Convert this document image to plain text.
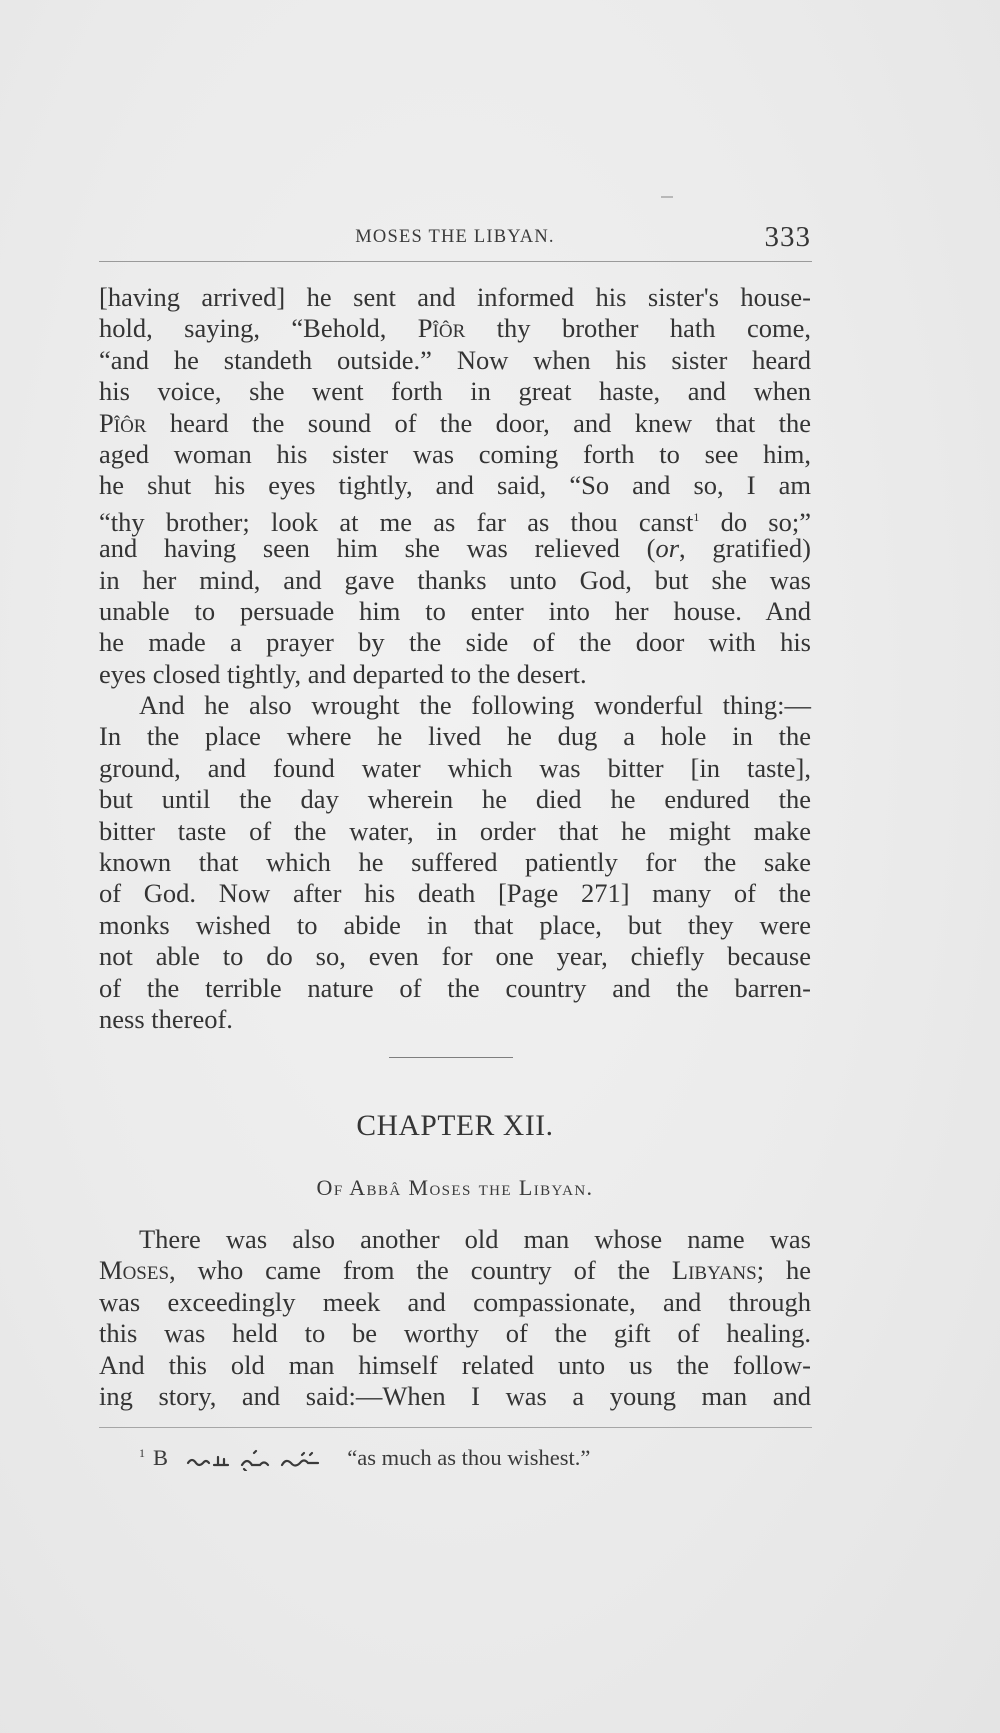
MOSES THE LIBYAN.	333
[having arrived] he sent and informed his sister's house-
hold, saying, “Behold, Pîôr thy brother hath come,
“and he standeth outside.” Now when his sister heard
his voice, she went forth in great haste, and when
Pîôr heard the sound of the door, and knew that the
aged woman his sister was coming forth to see him,
he shut his eyes tightly, and said, “So and so, I am
“thy brother; look at me as far as thou canst$^1$ do so;”
and having seen him she was relieved (or, gratified)
in her mind, and gave thanks unto God, but she was
unable to persuade him to enter into her house. And
he made a prayer by the side of the door with his
eyes closed tightly, and departed to the desert.
And he also wrought the following wonderful thing:—
In the place where he lived he dug a hole in the
ground, and found water which was bitter [in taste],
but until the day wherein he died he endured the
bitter taste of the water, in order that he might make
known that which he suffered patiently for the sake
of God. Now after his death [Page 271] many of the
monks wished to abide in that place, but they were
not able to do so, even for one year, chiefly because
of the terrible nature of the country and the barren-
ness thereof.
CHAPTER XII.
Of Abbâ Moses the Libyan.
There was also another old man whose name was
Moses, who came from the country of the Libyans; he
was exceedingly meek and compassionate, and through
this was held to be worthy of the gift of healing.
And this old man himself related unto us the follow-
ing story, and said:—When I was a young man and
$^1$ B	“as much as thou wishest.”
